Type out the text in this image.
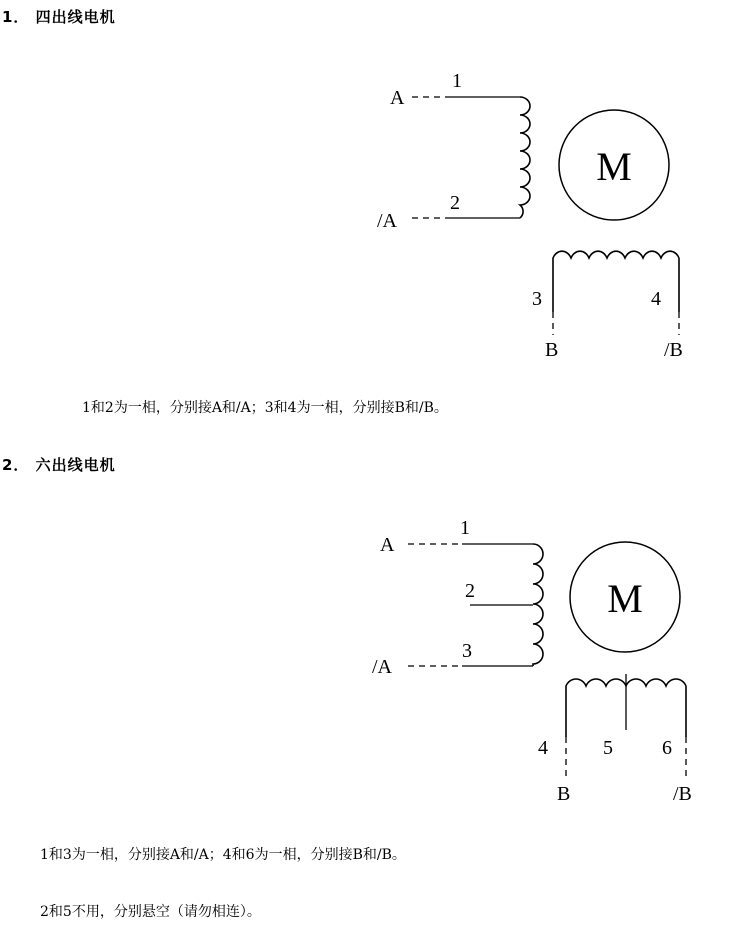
1． 四出线电机
M
A
/A
B	/B
1
2
3	4
1和2为一相，分别接A和/A；3和4为一相，分别接B和/B。
2． 六出线电机
M
A
/A
B	/B
1
2
3
4	5 6
1和3为一相，分别接A和/A；4和6为一相，分别接B和/B。
2和5不用，分别悬空（请勿相连）。
